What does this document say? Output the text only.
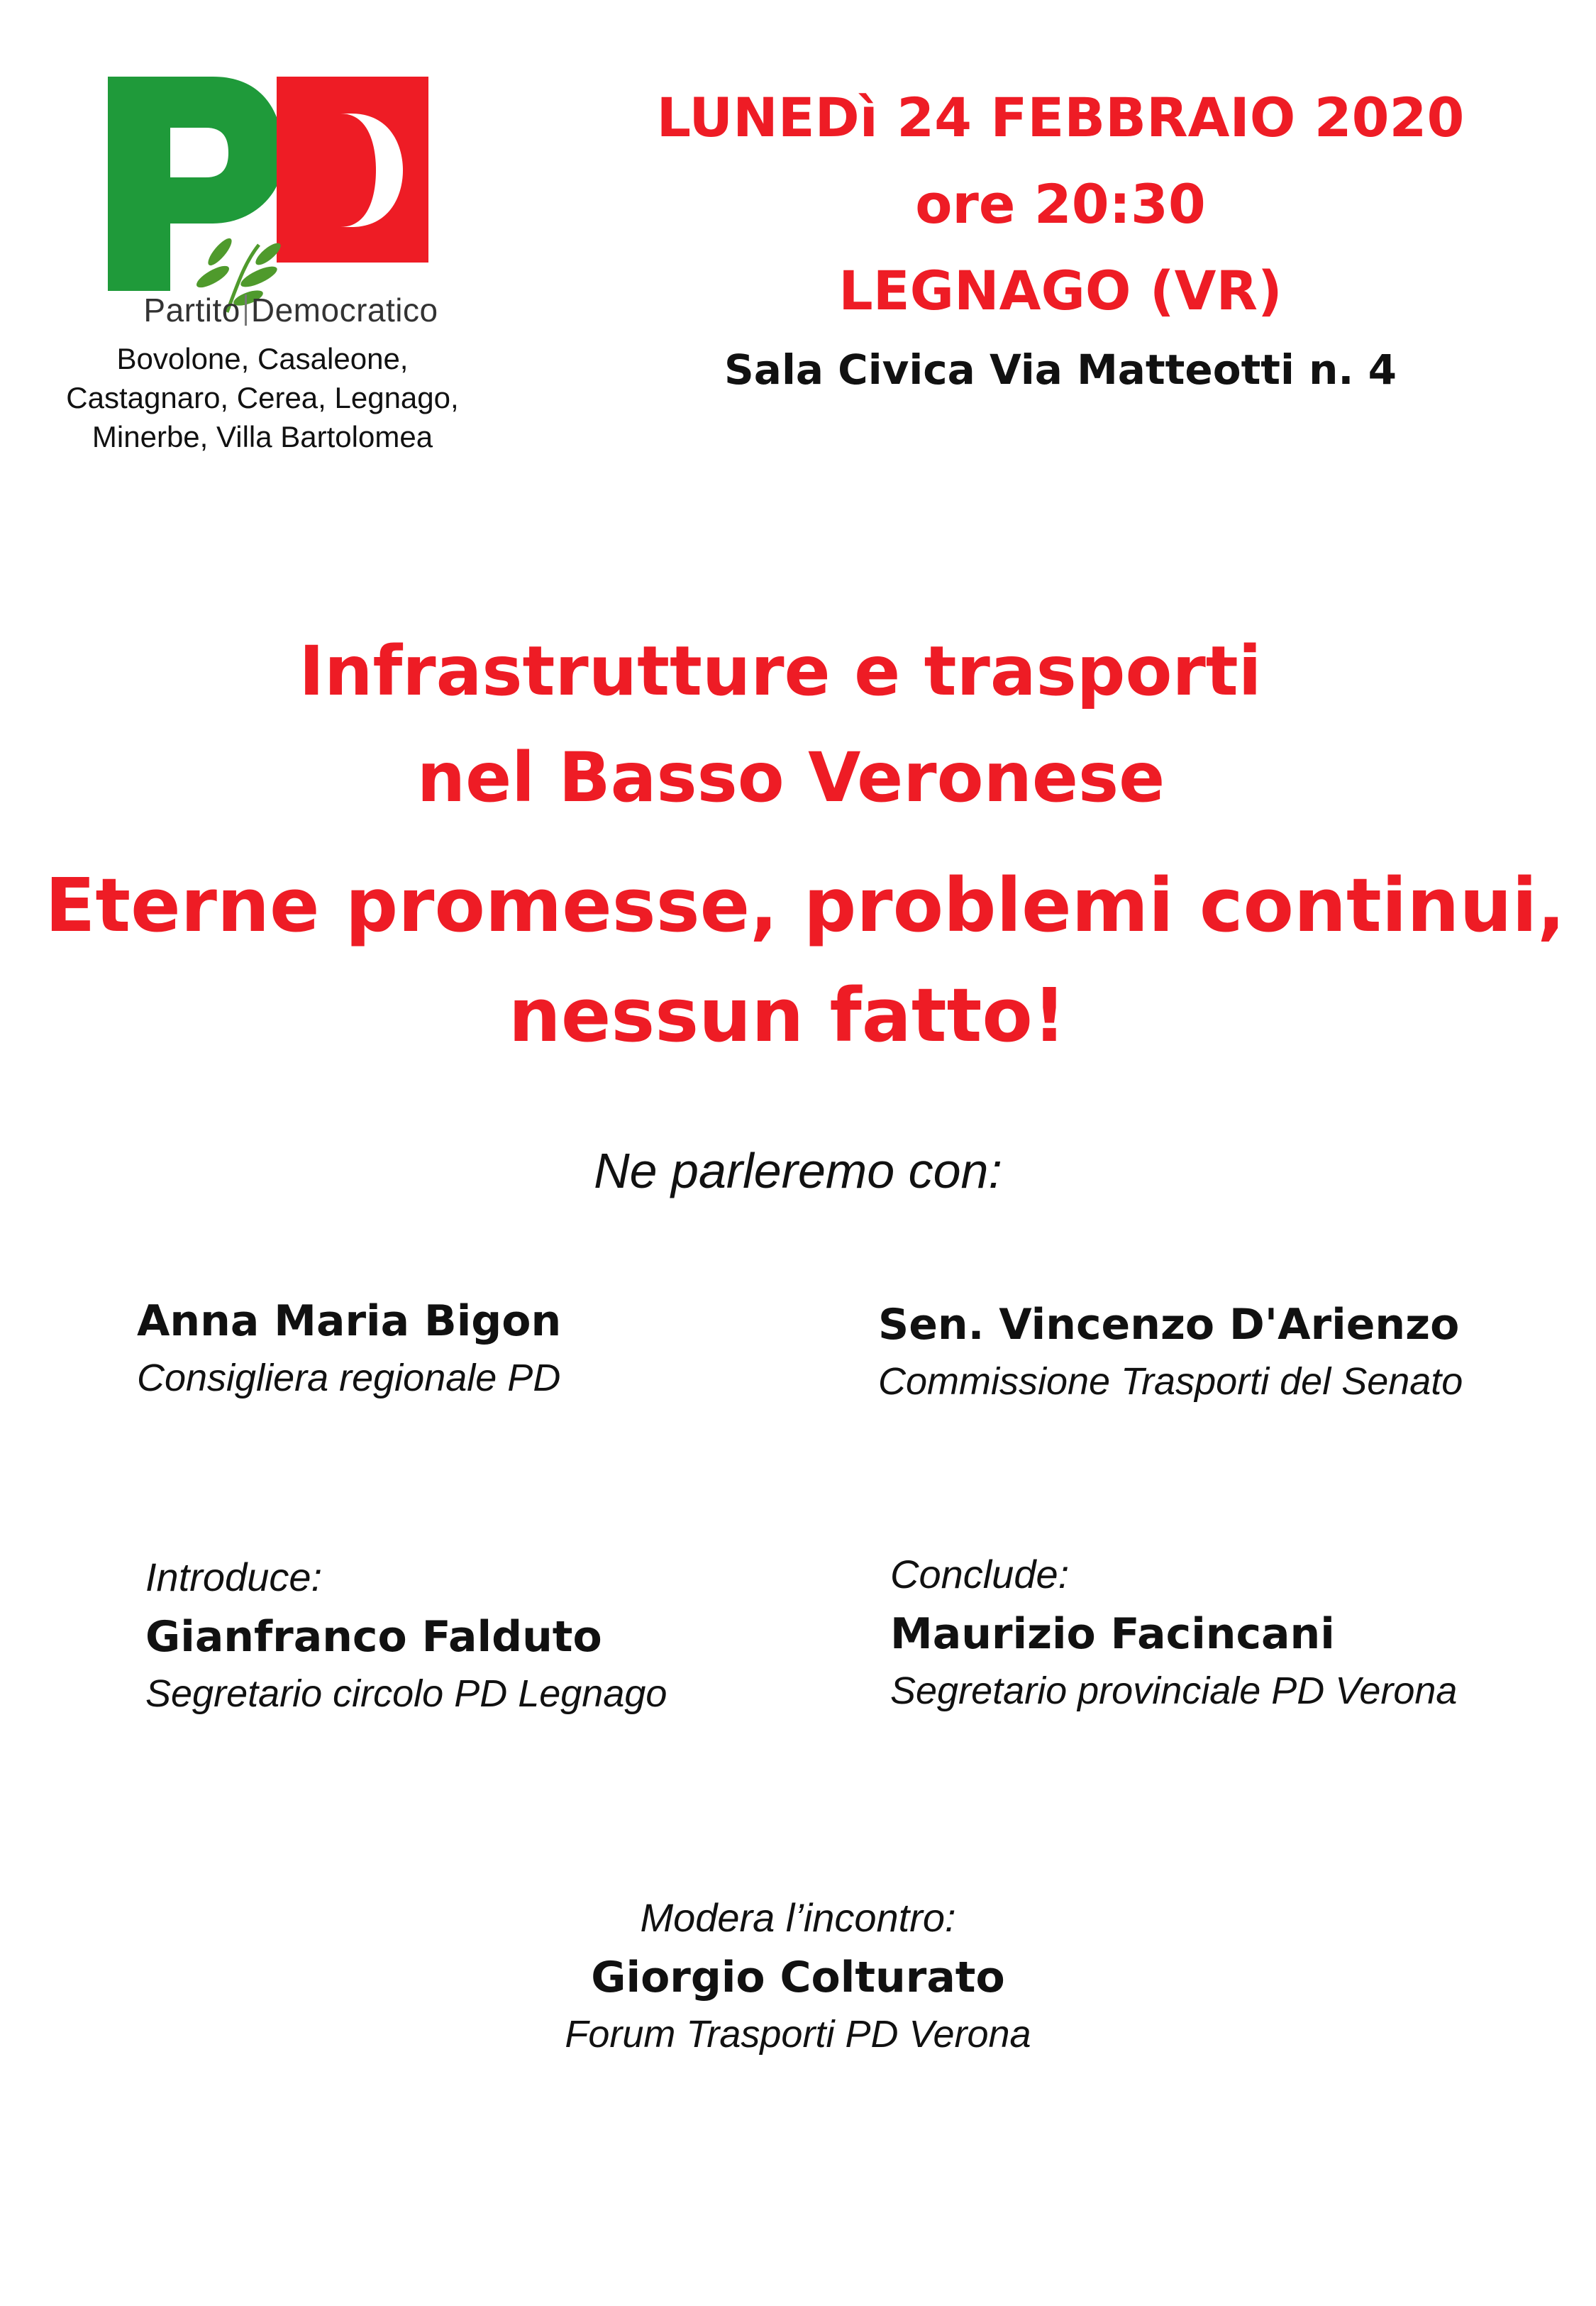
Partito Democratico
Bovolone, Casaleone,
Castagnaro, Cerea, Legnago,
Minerbe, Villa Bartolomea

LUNEDì 24 FEBBRAIO 2020

ore 20:30

LEGNAGO (VR)

Sala Civica Via Matteotti n. 4

Infrastrutture e trasporti
nel Basso Veronese
Eterne promesse, problemi continui,
nessun fatto!
Ne parleremo con:

Anna Maria Bigon

Consigliera regionale PD

Sen. Vincenzo D'Arienzo

Commissione Trasporti del Senato

Introduce:

Gianfranco Falduto

Segretario circolo PD Legnago

Conclude:

Maurizio Facincani

Segretario provinciale PD Verona

Modera l’incontro:

Giorgio Colturato

Forum Trasporti PD Verona
